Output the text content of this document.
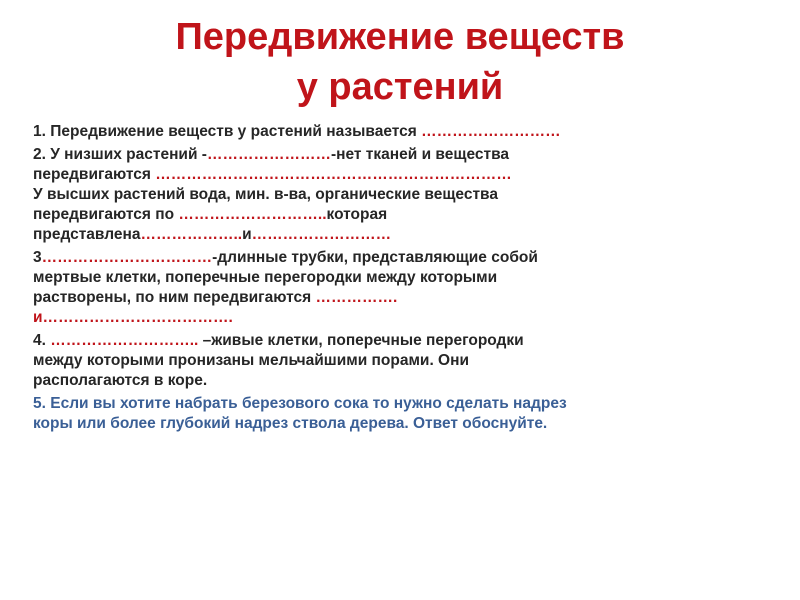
Передвижение веществ
у растений

1. Передвижение веществ у растений называется ………………………

2. У низших растений -……………………-нет тканей и вещества
передвигаются ……………………………………………………………
У высших растений вода, мин. в-ва, органические вещества
передвигаются по ………………………..которая
представлена………………..и………………………

3……………………………-длинные трубки, представляющие собой
мертвые клетки, поперечные перегородки между которыми
растворены, по ним передвигаются …………….
и……………………………….

4. ……………………….. –живые клетки, поперечные перегородки
между которыми пронизаны мельчайшими порами. Они
располагаются в коре.

5. Если вы хотите набрать березового сока то нужно сделать надрез
коры или более глубокий надрез ствола дерева. Ответ обоснуйте.
